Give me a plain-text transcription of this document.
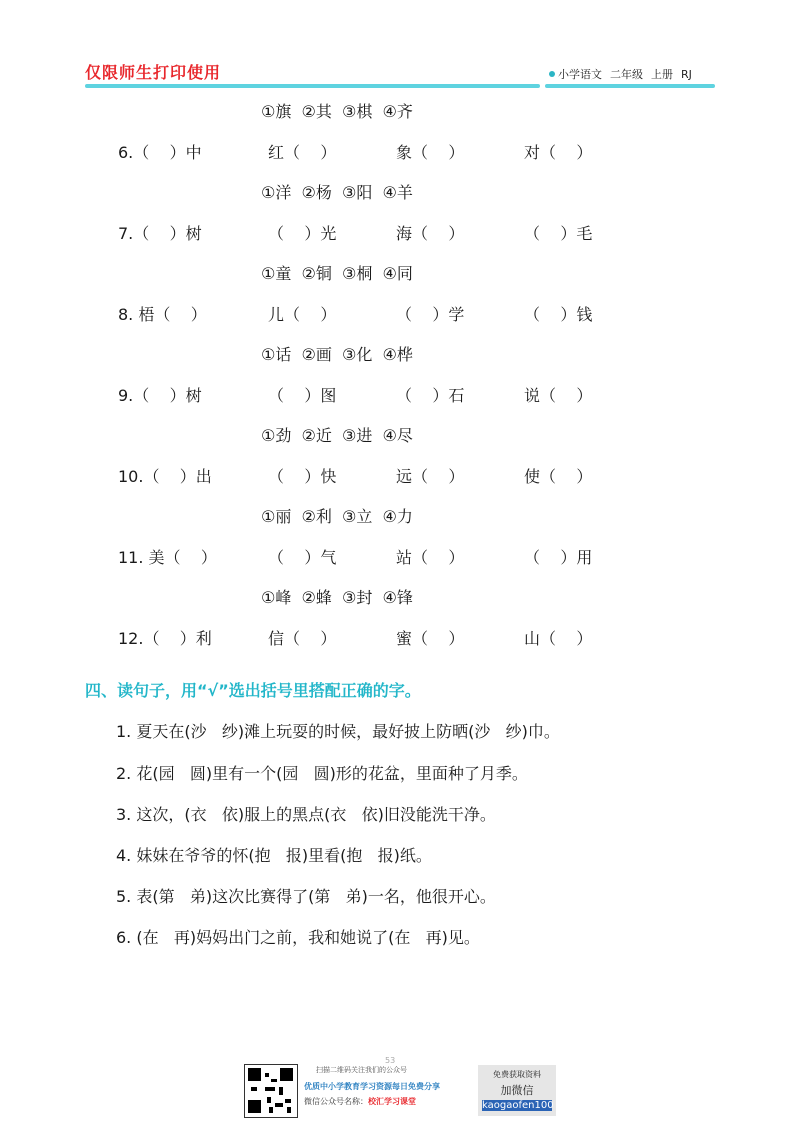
仅限师生打印使用	小学语文 二年级 上册 RJ
①旗  ②其  ③棋  ④齐
6.（    ）中	红（    ）	象（    ）	对（    ）
①洋  ②杨  ③阳  ④羊
7.（    ）树	（    ）光	海（    ）	（    ）毛
①童  ②铜  ③桐  ④同
8. 梧（    ）	儿（    ）	（    ）学	（    ）钱
①话  ②画  ③化  ④桦
9.（    ）树	（    ）图	（    ）石	说（    ）
①劲  ②近  ③进  ④尽
10.（    ）出	（    ）快	远（    ）	使（    ）
①丽  ②利  ③立  ④力
11. 美（    ）	（    ）气	站（    ）	（    ）用
①峰  ②蜂  ③封  ④锋
12.（    ）利	信（    ）	蜜（    ）	山（    ）
四、读句子，用“√”选出括号里搭配正确的字。
1. 夏天在(沙   纱)滩上玩耍的时候，最好披上防晒(沙   纱)巾。
2. 花(园   圆)里有一个(园   圆)形的花盆，里面种了月季。
3. 这次，(衣   依)服上的黑点(衣   依)旧没能洗干净。
4. 妹妹在爷爷的怀(抱   报)里看(抱   报)纸。
5. 表(第   弟)这次比赛得了(第   弟)一名，他很开心。
6. (在   再)妈妈出门之前，我和她说了(在   再)见。
53
扫描二维码关注我们的公众号
优质中小学教育学习资源每日免费分享
微信公众号名称：校汇学习课堂
免费获取资料
加微信
kaogaofen100
